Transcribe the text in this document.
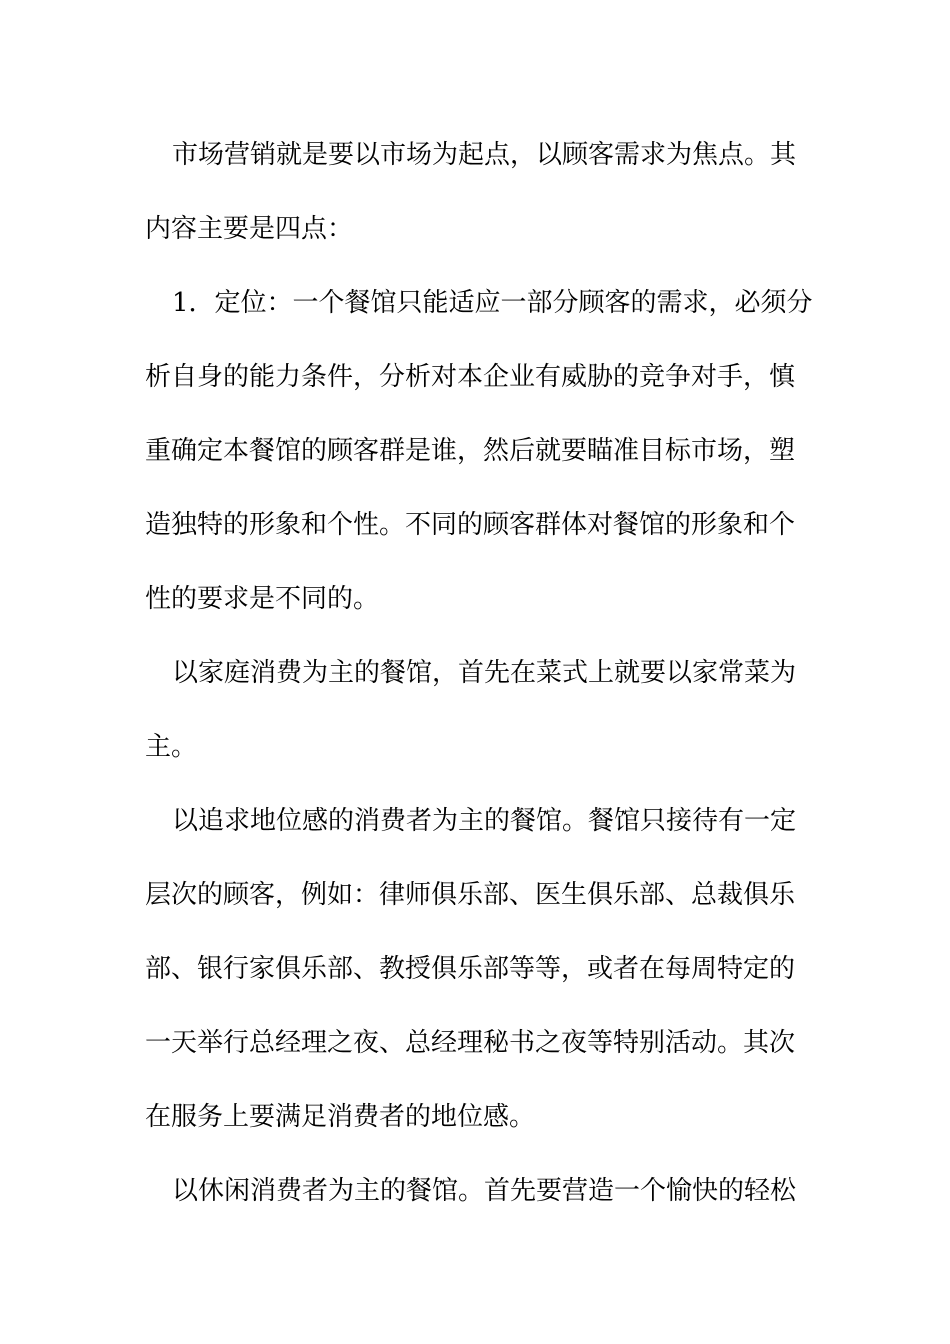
市场营销就是要以市场为起点，以顾客需求为焦点。其
内容主要是四点：
1．定位：一个餐馆只能适应一部分顾客的需求，必须分
析自身的能力条件，分析对本企业有威胁的竞争对手，慎
重确定本餐馆的顾客群是谁，然后就要瞄准目标市场，塑
造独特的形象和个性。不同的顾客群体对餐馆的形象和个
性的要求是不同的。
以家庭消费为主的餐馆，首先在菜式上就要以家常菜为
主。
以追求地位感的消费者为主的餐馆。餐馆只接待有一定
层次的顾客，例如：律师俱乐部、医生俱乐部、总裁俱乐
部、银行家俱乐部、教授俱乐部等等，或者在每周特定的
一天举行总经理之夜、总经理秘书之夜等特别活动。其次
在服务上要满足消费者的地位感。
以休闲消费者为主的餐馆。首先要营造一个愉快的轻松
